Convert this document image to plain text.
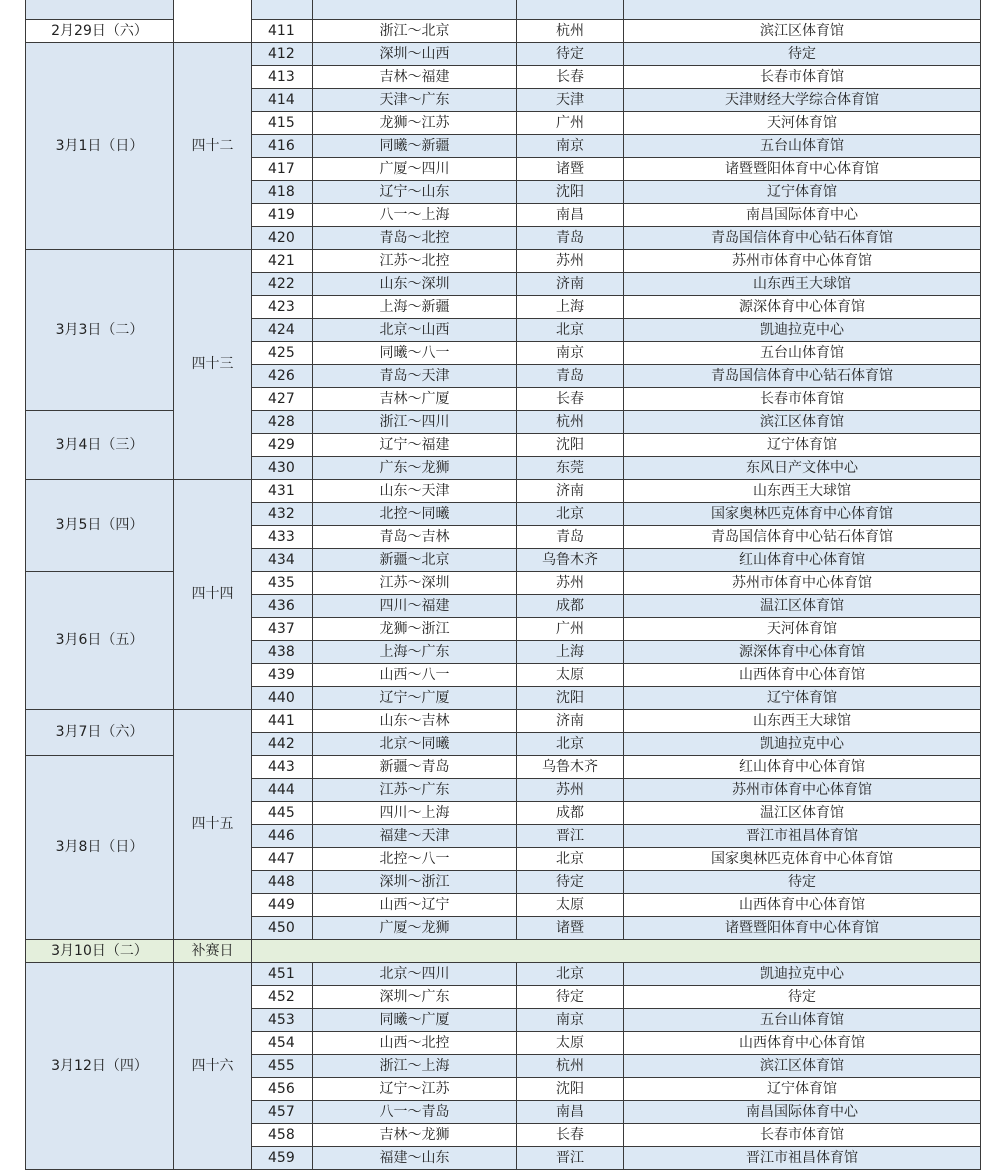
2月29日（六）		411	浙江～北京	杭州	滨江区体育馆
3月1日（日）	四十二	412	深圳～山西	待定	待定
		413	吉林～福建	长春	长春市体育馆
		414	天津～广东	天津	天津财经大学综合体育馆
		415	龙狮～江苏	广州	天河体育馆
		416	同曦～新疆	南京	五台山体育馆
		417	广厦～四川	诸暨	诸暨暨阳体育中心体育馆
		418	辽宁～山东	沈阳	辽宁体育馆
		419	八一～上海	南昌	南昌国际体育中心
		420	青岛～北控	青岛	青岛国信体育中心钻石体育馆
3月3日（二）	四十三	421	江苏～北控	苏州	苏州市体育中心体育馆
		422	山东～深圳	济南	山东西王大球馆
		423	上海～新疆	上海	源深体育中心体育馆
		424	北京～山西	北京	凯迪拉克中心
		425	同曦～八一	南京	五台山体育馆
		426	青岛～天津	青岛	青岛国信体育中心钻石体育馆
		427	吉林～广厦	长春	长春市体育馆
3月4日（三）		428	浙江～四川	杭州	滨江区体育馆
		429	辽宁～福建	沈阳	辽宁体育馆
		430	广东～龙狮	东莞	东风日产文体中心
3月5日（四）	四十四	431	山东～天津	济南	山东西王大球馆
		432	北控～同曦	北京	国家奥林匹克体育中心体育馆
		433	青岛～吉林	青岛	青岛国信体育中心钻石体育馆
		434	新疆～北京	乌鲁木齐	红山体育中心体育馆
3月6日（五）		435	江苏～深圳	苏州	苏州市体育中心体育馆
		436	四川～福建	成都	温江区体育馆
		437	龙狮～浙江	广州	天河体育馆
		438	上海～广东	上海	源深体育中心体育馆
		439	山西～八一	太原	山西体育中心体育馆
		440	辽宁～广厦	沈阳	辽宁体育馆
3月7日（六）	四十五	441	山东～吉林	济南	山东西王大球馆
		442	北京～同曦	北京	凯迪拉克中心
3月8日（日）		443	新疆～青岛	乌鲁木齐	红山体育中心体育馆
		444	江苏～广东	苏州	苏州市体育中心体育馆
		445	四川～上海	成都	温江区体育馆
		446	福建～天津	晋江	晋江市祖昌体育馆
		447	北控～八一	北京	国家奥林匹克体育中心体育馆
		448	深圳～浙江	待定	待定
		449	山西～辽宁	太原	山西体育中心体育馆
		450	广厦～龙狮	诸暨	诸暨暨阳体育中心体育馆
3月10日（二）	补赛日				
3月12日（四）	四十六	451	北京～四川	北京	凯迪拉克中心
		452	深圳～广东	待定	待定
		453	同曦～广厦	南京	五台山体育馆
		454	山西～北控	太原	山西体育中心体育馆
		455	浙江～上海	杭州	滨江区体育馆
		456	辽宁～江苏	沈阳	辽宁体育馆
		457	八一～青岛	南昌	南昌国际体育中心
		458	吉林～龙狮	长春	长春市体育馆
		459	福建～山东	晋江	晋江市祖昌体育馆
